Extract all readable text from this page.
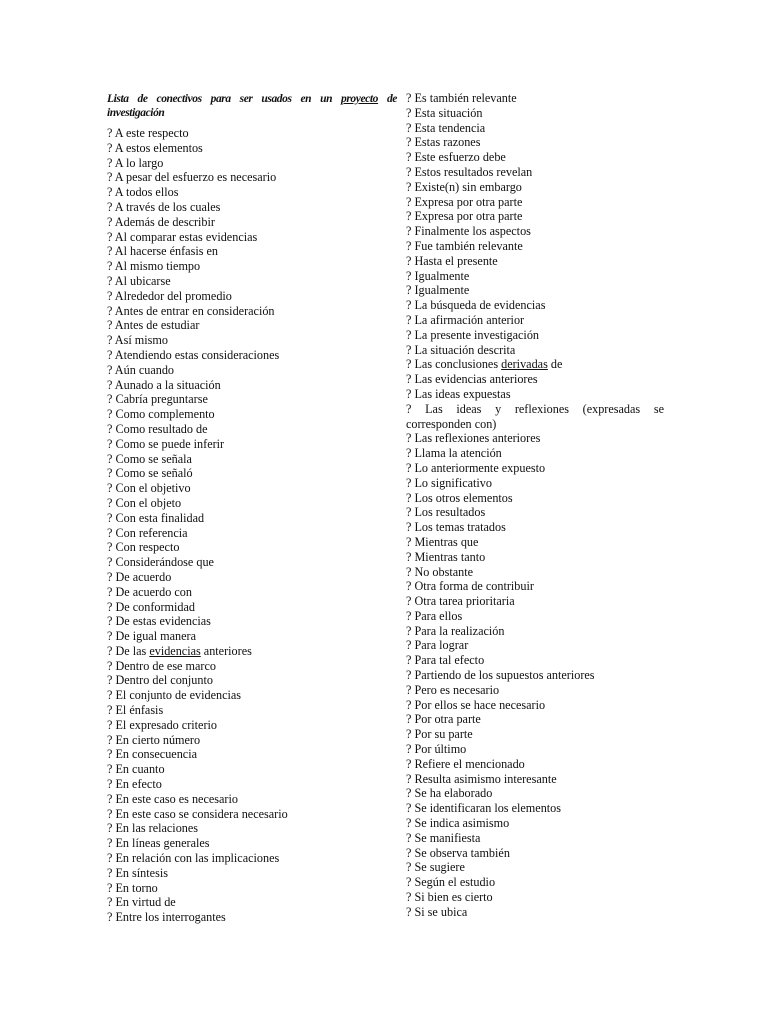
Lista de conectivos para ser usados en un proyecto de investigación

? A este respecto
? A estos elementos
? A lo largo
? A pesar del esfuerzo es necesario
? A todos ellos
? A través de los cuales
? Además de describir
? Al comparar estas evidencias
? Al hacerse énfasis en
? Al mismo tiempo
? Al ubicarse
? Alrededor del promedio
? Antes de entrar en consideración
? Antes de estudiar
? Así mismo
? Atendiendo estas consideraciones
? Aún cuando
? Aunado a la situación
? Cabría preguntarse
? Como complemento
? Como resultado de
? Como se puede inferir
? Como se señala
? Como se señaló
? Con el objetivo
? Con el objeto
? Con esta finalidad
? Con referencia
? Con respecto
? Considerándose que
? De acuerdo
? De acuerdo con
? De conformidad
? De estas evidencias
? De igual manera
? De las evidencias anteriores
? Dentro de ese marco
? Dentro del conjunto
? El conjunto de evidencias
? El énfasis
? El expresado criterio
? En cierto número
? En consecuencia
? En cuanto
? En efecto
? En este caso es necesario
? En este caso se considera necesario
? En las relaciones
? En líneas generales
? En relación con las implicaciones
? En síntesis
? En torno
? En virtud de
? Entre los interrogantes
? Es también relevante
? Esta situación
? Esta tendencia
? Estas razones
? Este esfuerzo debe
? Estos resultados revelan
? Existe(n) sin embargo
? Expresa por otra parte
? Expresa por otra parte
? Finalmente los aspectos
? Fue también relevante
? Hasta el presente
? Igualmente
? Igualmente
? La búsqueda de evidencias
? La afirmación anterior
? La presente investigación
? La situación descrita
? Las conclusiones derivadas de
? Las evidencias anteriores
? Las ideas expuestas
? Las ideas y reflexiones (expresadas se corresponden con)
? Las reflexiones anteriores
? Llama la atención
? Lo anteriormente expuesto
? Lo significativo
? Los otros elementos
? Los resultados
? Los temas tratados
? Mientras que
? Mientras tanto
? No obstante
? Otra forma de contribuir
? Otra tarea prioritaria
? Para ellos
? Para la realización
? Para lograr
? Para tal efecto
? Partiendo de los supuestos anteriores
? Pero es necesario
? Por ellos se hace necesario
? Por otra parte
? Por su parte
? Por último
? Refiere el mencionado
? Resulta asimismo interesante
? Se ha elaborado
? Se identificaran los elementos
? Se indica asimismo
? Se manifiesta
? Se observa también
? Se sugiere
? Según el estudio
? Si bien es cierto
? Si se ubica
